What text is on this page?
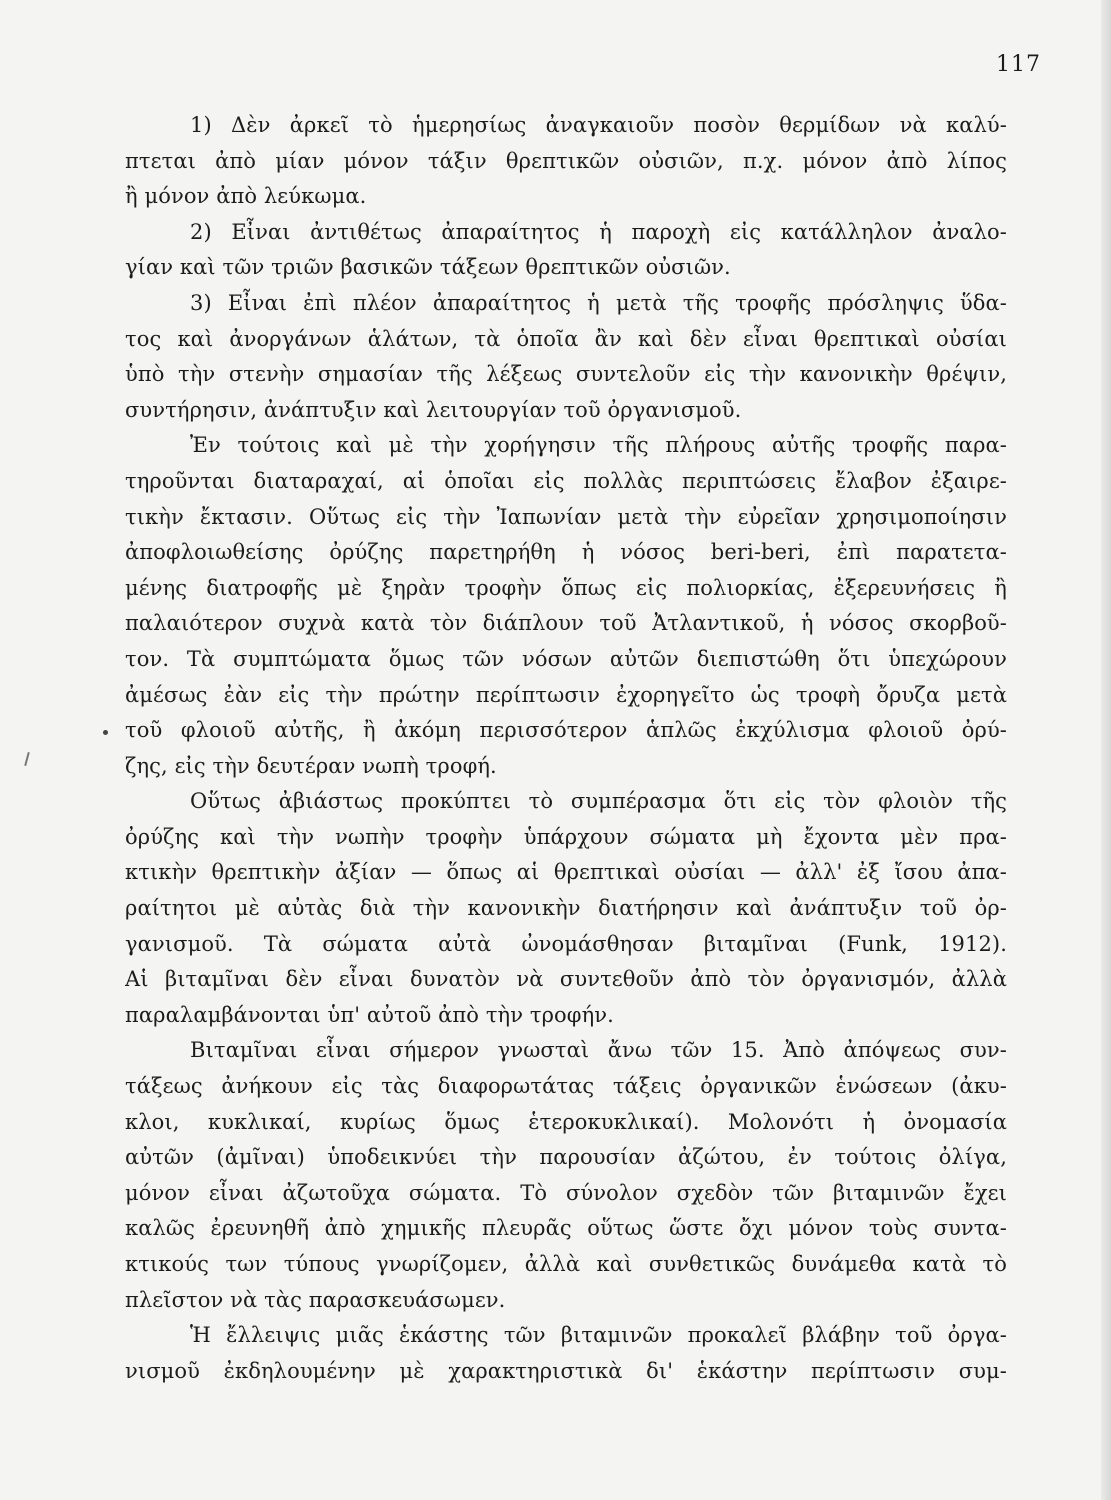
117
1) Δὲν ἀρκεῖ τὸ ἡμερησίως ἀναγκαιοῦν ποσὸν θερμίδων νὰ καλύ-
πτεται ἀπὸ μίαν μόνον τάξιν θρεπτικῶν οὐσιῶν, π.χ. μόνον ἀπὸ λίπος
ἢ μόνον ἀπὸ λεύκωμα.
2) Εἶναι ἀντιθέτως ἀπαραίτητος ἡ παροχὴ εἰς κατάλληλον ἀναλο-
γίαν καὶ τῶν τριῶν βασικῶν τάξεων θρεπτικῶν οὐσιῶν.
3) Εἶναι ἐπὶ πλέον ἀπαραίτητος ἡ μετὰ τῆς τροφῆς πρόσληψις ὕδα-
τος καὶ ἀνοργάνων ἁλάτων, τὰ ὁποῖα ἂν καὶ δὲν εἶναι θρεπτικαὶ οὐσίαι
ὑπὸ τὴν στενὴν σημασίαν τῆς λέξεως συντελοῦν εἰς τὴν κανονικὴν θρέψιν,
συντήρησιν, ἀνάπτυξιν καὶ λειτουργίαν τοῦ ὀργανισμοῦ.
Ἐν τούτοις καὶ μὲ τὴν χορήγησιν τῆς πλήρους αὐτῆς τροφῆς παρα-
τηροῦνται διαταραχαί, αἱ ὁποῖαι εἰς πολλὰς περιπτώσεις ἔλαβον ἐξαιρε-
τικὴν ἔκτασιν. Οὕτως εἰς τὴν Ἰαπωνίαν μετὰ τὴν εὐρεῖαν χρησιμοποίησιν
ἀποφλοιωθείσης ὀρύζης παρετηρήθη ἡ νόσος beri-beri, ἐπὶ παρατετα-
μένης διατροφῆς μὲ ξηρὰν τροφὴν ὅπως εἰς πολιορκίας, ἐξερευνήσεις ἢ
παλαιότερον συχνὰ κατὰ τὸν διάπλουν τοῦ Ἀτλαντικοῦ, ἡ νόσος σκορβοῦ-
τον. Τὰ συμπτώματα ὅμως τῶν νόσων αὐτῶν διεπιστώθη ὅτι ὑπεχώρουν
ἀμέσως ἐὰν εἰς τὴν πρώτην περίπτωσιν ἐχορηγεῖτο ὡς τροφὴ ὄρυζα μετὰ
τοῦ φλοιοῦ αὐτῆς, ἢ ἀκόμη περισσότερον ἁπλῶς ἐκχύλισμα φλοιοῦ ὀρύ-
ζης, εἰς τὴν δευτέραν νωπὴ τροφή.
Οὕτως ἀβιάστως προκύπτει τὸ συμπέρασμα ὅτι εἰς τὸν φλοιὸν τῆς
ὀρύζης καὶ τὴν νωπὴν τροφὴν ὑπάρχουν σώματα μὴ ἔχοντα μὲν πρα-
κτικὴν θρεπτικὴν ἀξίαν — ὅπως αἱ θρεπτικαὶ οὐσίαι — ἀλλ' ἐξ ἴσου ἀπα-
ραίτητοι μὲ αὐτὰς διὰ τὴν κανονικὴν διατήρησιν καὶ ἀνάπτυξιν τοῦ ὀρ-
γανισμοῦ. Τὰ σώματα αὐτὰ ὠνομάσθησαν βιταμῖναι (Funk, 1912).
Αἱ βιταμῖναι δὲν εἶναι δυνατὸν νὰ συντεθοῦν ἀπὸ τὸν ὀργανισμόν, ἀλλὰ
παραλαμβάνονται ὑπ' αὐτοῦ ἀπὸ τὴν τροφήν.
Βιταμῖναι εἶναι σήμερον γνωσταὶ ἄνω τῶν 15. Ἀπὸ ἀπόψεως συν-
τάξεως ἀνήκουν εἰς τὰς διαφορωτάτας τάξεις ὀργανικῶν ἑνώσεων (ἀκυ-
κλοι, κυκλικαί, κυρίως ὅμως ἑτεροκυκλικαί). Μολονότι ἡ ὀνομασία
αὐτῶν (ἀμῖναι) ὑποδεικνύει τὴν παρουσίαν ἀζώτου, ἐν τούτοις ὀλίγα,
μόνον εἶναι ἀζωτοῦχα σώματα. Τὸ σύνολον σχεδὸν τῶν βιταμινῶν ἔχει
καλῶς ἐρευνηθῆ ἀπὸ χημικῆς πλευρᾶς οὕτως ὥστε ὄχι μόνον τοὺς συντα-
κτικούς των τύπους γνωρίζομεν, ἀλλὰ καὶ συνθετικῶς δυνάμεθα κατὰ τὸ
πλεῖστον νὰ τὰς παρασκευάσωμεν.
Ἡ ἔλλειψις μιᾶς ἑκάστης τῶν βιταμινῶν προκαλεῖ βλάβην τοῦ ὀργα-
νισμοῦ ἐκδηλουμένην μὲ χαρακτηριστικὰ δι' ἑκάστην περίπτωσιν συμ-
